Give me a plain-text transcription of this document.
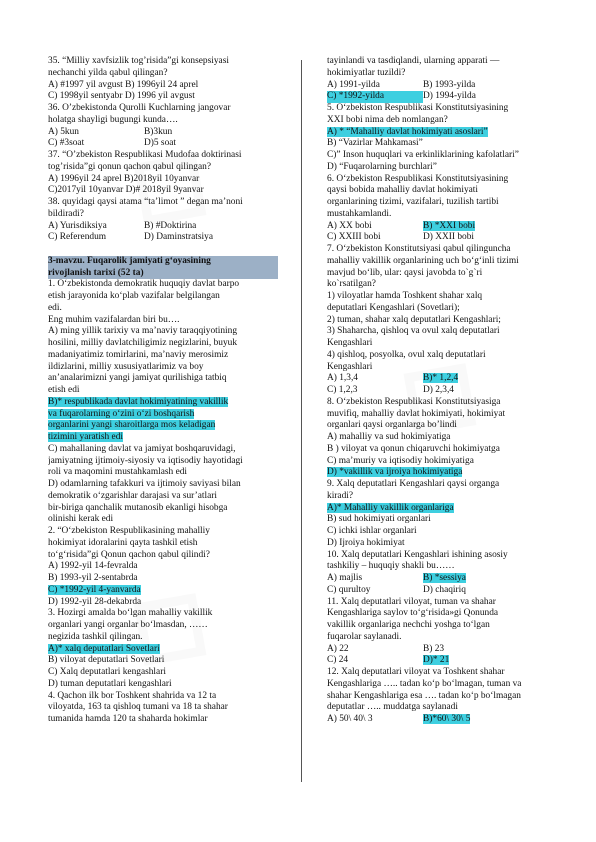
35. “Milliy xavfsizlik tog’risida”gi konsepsiyasi
nechanchi yilda qabul qilingan?
A) #1997 yil avgust B) 1996yil 24 aprel
C) 1998yil sentyabr D) 1996 yil avgust
36. O’zbekistonda Qurolli Kuchlarning jangovar
holatga shayligi bugungi kunda….
A) 5kun	B)3kun
C) #3soat	D)5 soat
37. “O’zbekiston Respublikasi Mudofaa doktirinasi
tog’risida”gi qonun qachon qabul qilingan?
A) 1996yil 24 aprel B)2018yil 10yanvar
C)2017yil 10yanvar D)# 2018yil 9yanvar
38. quyidagi qaysi atama “ta’limot ” degan ma’noni
bildiradi?
A) Yurisdiksiya	B) #Doktirina
C) Referendum	D) Daminstratsiya
3-mavzu. Fuqarolik jamiyati g‘oyasining
rivojlanish tarixi (52 ta)
1. O‘zbekistonda demokratik huquqiy davlat barpo
etish jarayonida ko‘plab vazifalar belgilangan
edi.
Eng muhim vazifalardan biri bu….
A) ming yillik tarixiy va ma’naviy taraqqiyotining
hosilini, milliy davlatchiligimiz negizlarini, buyuk
madaniyatimiz tomirlarini, ma’naviy merosimiz
ildizlarini, milliy xususiyatlarimiz va boy
an’analarimizni yangi jamiyat qurilishiga tatbiq
etish edi
B)* respublikada davlat hokimiyatining vakillik
va fuqarolarning o‘zini o‘zi boshqarish
organlarini yangi sharoitlarga mos keladigan
tizimini yaratish edi
C) mahallaning davlat va jamiyat boshqaruvidagi,
jamiyatning ijtimoiy-siyosiy va iqtisodiy hayotidagi
roli va maqomini mustahkamlash edi
D) odamlarning tafakkuri va ijtimoiy saviyasi bilan
demokratik o‘zgarishlar darajasi va sur’atlari
bir-biriga qanchalik mutanosib ekanligi hisobga
olinishi kerak edi
2. “O‘zbekiston Respublikasining mahalliy
hokimiyat idoralarini qayta tashkil etish
to‘g‘risida”gi Qonun qachon qabul qilindi?
A) 1992-yil 14-fevralda
B) 1993-yil 2-sentabrda
C) *1992-yil 4-yanvarda
D) 1992-yil 28-dekabrda
3. Hozirgi amalda bo‘lgan mahalliy vakillik
organlari yangi organlar bo‘lmasdan, ……
negizida tashkil qilingan.
A)* xalq deputatlari Sovetlari
B) viloyat deputatlari Sovetlari
C) Xalq deputatlari kengashlari
D) tuman deputatlari kengashlari
4. Qachon ilk bor Toshkent shahrida va 12 ta
viloyatda, 163 ta qishloq tumani va 18 ta shahar
tumanida hamda 120 ta shaharda hokimlar
tayinlandi va tasdiqlandi, ularning apparati —
hokimiyatlar tuzildi?
A) 1991-yilda	B) 1993-yilda
C) *1992-yilda	D) 1994-yilda
5. O‘zbekiston Respublikasi Konstitutsiyasining
XXI bobi nima deb nomlangan?
A) * “Mahalliy davlat hokimiyati asoslari”
B) “Vazirlar Mahkamasi”
C)” Inson huquqlari va erkinliklarining kafolatlari”
D) “Fuqarolarning burchlari”
6. O‘zbekiston Respublikasi Konstitutsiyasining
qaysi bobida mahalliy davlat hokimiyati
organlarining tizimi, vazifalari, tuzilish tartibi
mustahkamlandi.
A) XX bobi	B) *XXI bobi
C) XXIII bobi	D) XXII bobi
7. O‘zbekiston Konstitutsiyasi qabul qilinguncha
mahalliy vakillik organlarining uch bo‘g‘inli tizimi
mavjud bo‘lib, ular: qaysi javobda to`g`ri
ko`rsatilgan?
1) viloyatlar hamda Toshkent shahar xalq
deputatlari Kengashlari (Sovetlari);
2) tuman, shahar xalq deputatlari Kengashlari;
3) Shaharcha, qishloq va ovul xalq deputatlari
Kengashlari
4) qishloq, posyolka, ovul xalq deputatlari
Kengashlari
A) 1,3,4	B)* 1,2,4
C) 1,2,3	D) 2,3,4
8. O‘zbekiston Respublikasi Konstitutsiyasiga
muvifiq, mahalliy davlat hokimiyati, hokimiyat
organlari qaysi organlarga bo’lindi
A) mahalliy va sud hokimiyatiga
B ) viloyat va qonun chiqaruvchi hokimiyatga
C) ma’muriy va iqtisodiy hokimiyatiga
D) *vakillik va ijroiya hokimiyatiga
9. Xalq deputatlari Kengashlari qaysi organga
kiradi?
A)* Mahalliy vakillik organlariga
B) sud hokimiyati organlari
C) ichki ishlar organlari
D) Ijroiya hokimiyat
10. Xalq deputatlari Kengashlari ishining asosiy
tashkiliy – huquqiy shakli bu……
A) majlis	B) *sessiya
C) qurultoy	D) chaqiriq
11. Xalq deputatlari viloyat, tuman va shahar
Kengashlariga saylov to‘g‘risida»gi Qonunda
vakillik organlariga nechchi yoshga to‘lgan
fuqarolar saylanadi.
A) 22	B) 23
C) 24	D)* 21
12. Xalq deputatlari viloyat va Toshkent shahar
Kengashlariga ….. tadan ko‘p bo‘lmagan, tuman va
shahar Kengashlariga esa …. tadan ko‘p bo‘lmagan
deputatlar ….. muddatga saylanadi
A) 50\ 40\ 3	B)*60\ 30\ 5
